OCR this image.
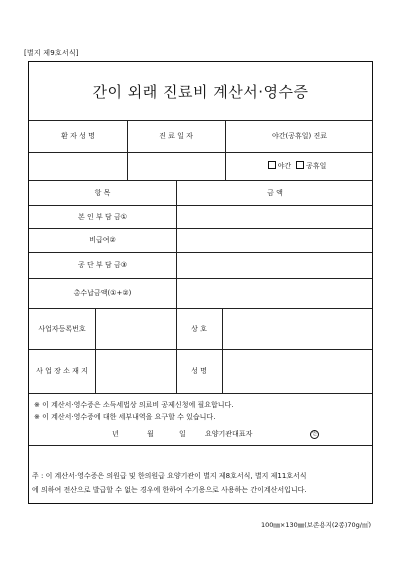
[별지 제9호서식]
간이 외래 진료비 계산서·영수증
환 자 성 명	진 료 일 자	야간(공휴일) 진료
야간	공휴일
항 목	금 액
본 인 부 담 금①
비급여②
공 단 부 담 금③
총수납금액(①+②)
사업자등록번호	상 호
사 업 장 소 재 지	성 명
※ 이 계산서·영수증은 소득세법상 의료비 공제신청에 필요합니다.
※ 이 계산서·영수증에 대한 세부내역을 요구할 수 있습니다.
년	월	일	요양기관대표자	인
주 : 이 계산서·영수증은 의원급 및 한의원급 요양기관이 별지 제8호서식, 별지 제11호서식
에 의하여 전산으로 발급할 수 없는 경우에 한하여 수기용으로 사용하는 간이계산서입니다.
100㎜×130㎜(보존용지(2종)70g/㎡)
